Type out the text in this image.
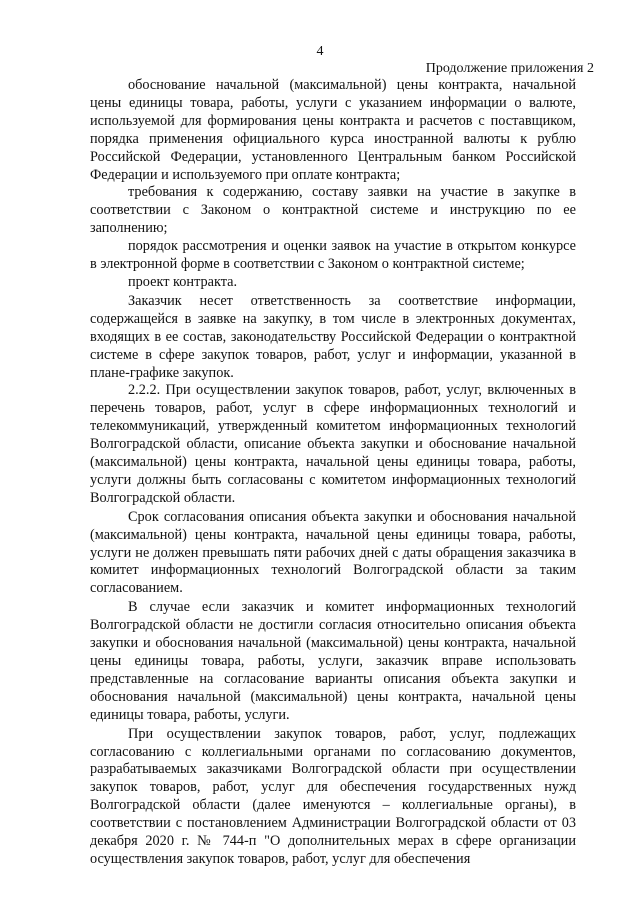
4
Продолжение приложения 2

обоснование начальной (максимальной) цены контракта, начальной цены единицы товара, работы, услуги с указанием информации о валюте, используемой для формирования цены контракта и расчетов с поставщиком, порядка применения официального курса иностранной валюты к рублю Российской Федерации, установленного Центральным банком Российской Федерации и используемого при оплате контракта;

требования к содержанию, составу заявки на участие в закупке в соответствии с Законом о контрактной системе и инструкцию по ее заполнению;

порядок рассмотрения и оценки заявок на участие в открытом конкурсе в электронной форме в соответствии с Законом о контрактной системе;

проект контракта.

Заказчик несет ответственность за соответствие информации, содержащейся в заявке на закупку, в том числе в электронных документах, входящих в ее состав, законодательству Российской Федерации о контрактной системе в сфере закупок товаров, работ, услуг и информации, указанной в плане-графике закупок.

2.2.2. При осуществлении закупок товаров, работ, услуг, включенных в перечень товаров, работ, услуг в сфере информационных технологий и телекоммуникаций, утвержденный комитетом информационных технологий Волгоградской области, описание объекта закупки и обоснование начальной (максимальной) цены контракта, начальной цены единицы товара, работы, услуги должны быть согласованы с комитетом информационных технологий Волгоградской области.

Срок согласования описания объекта закупки и обоснования начальной (максимальной) цены контракта, начальной цены единицы товара, работы, услуги не должен превышать пяти рабочих дней с даты обращения заказчика в комитет информационных технологий Волгоградской области за таким согласованием.

В случае если заказчик и комитет информационных технологий Волгоградской области не достигли согласия относительно описания объекта закупки и обоснования начальной (максимальной) цены контракта, начальной цены единицы товара, работы, услуги, заказчик вправе использовать представленные на согласование варианты описания объекта закупки и обоснования начальной (максимальной) цены контракта, начальной цены единицы товара, работы, услуги.

При осуществлении закупок товаров, работ, услуг, подлежащих согласованию с коллегиальными органами по согласованию документов, разрабатываемых заказчиками Волгоградской области при осуществлении закупок товаров, работ, услуг для обеспечения государственных нужд Волгоградской области (далее именуются – коллегиальные органы), в соответствии с постановлением Администрации Волгоградской области от 03 декабря 2020 г. № 744-п "О дополнительных мерах в сфере организации осуществления закупок товаров, работ, услуг для обеспечения
